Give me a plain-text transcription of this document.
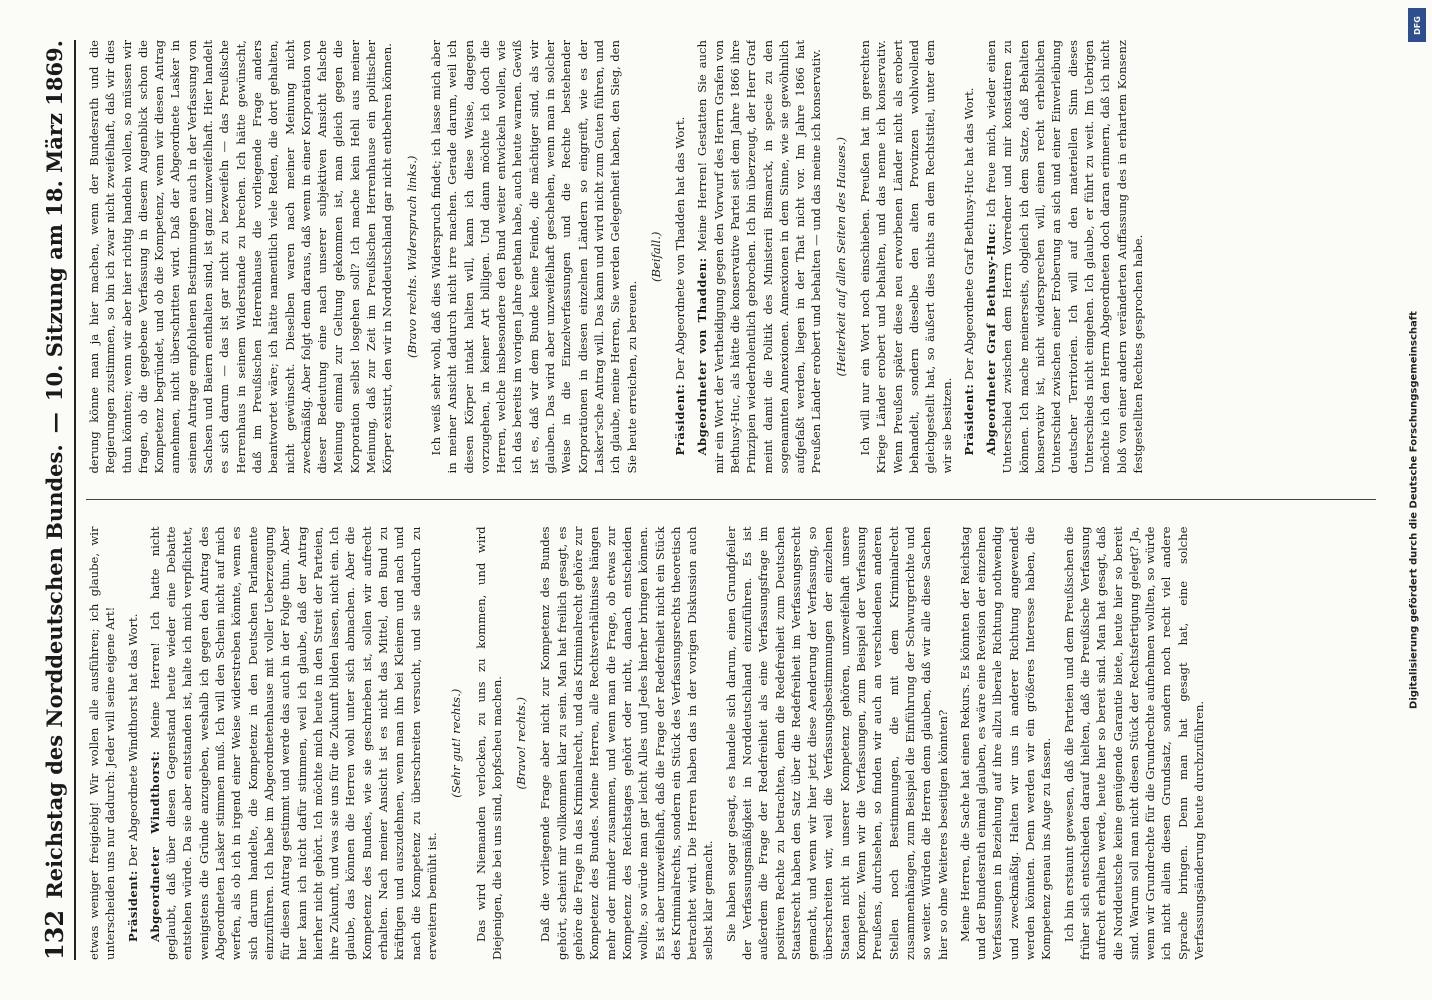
132
Reichstag des Norddeutschen Bundes.
—
10. Sitzung am 18. März 1869.

etwas weniger freigiebig! Wir wollen alle ausführen; ich glaube, wir unterscheiden uns nur dadurch: Jeder will seine eigene Art! Präsident: Der Abgeordnete Windthorst hat das Wort. Abgeordneter Windthorst: Meine Herren! Ich hatte nicht geglaubt, daß über diesen Gegenstand heute wieder eine Debatte entstehen würde. Da sie aber entstanden ist, halte ich mich verpflichtet, wenigstens die Gründe anzugeben, weshalb ich gegen den Antrag des Abgeordneten Lasker stimmen muß. Ich will den Schein nicht auf mich werfen, als ob ich in irgend einer Weise widerstreben könnte, wenn es sich darum handelte, die Kompetenz in den Deutschen Parlamente einzuführen. Ich habe im Abgeordnetenhause mit voller Ueberzeugung für diesen Antrag gestimmt und werde das auch in der Folge thun. Aber hier kann ich nicht dafür stimmen, weil ich glaube, daß der Antrag hierher nicht gehört. Ich möchte mich heute in den Streit der Parteien, ihre Zukunft, und was sie uns für die Zukunft bilden lassen, nicht ein. Ich glaube, das können die Herren wohl unter sich abmachen. Aber die Kompetenz des Bundes, wie sie geschrieben ist, sollen wir aufrecht erhalten. Nach meiner Ansicht ist es nicht das Mittel, den Bund zu kräftigen und auszudehnen, wenn man ihn bei Kleinem und nach und nach die Kompetenz zu überschreiten versucht, und sie dadurch zu erweitern bemüht ist.

(Sehr gut! rechts.) Das wird Niemanden verlocken, zu uns zu kommen, und wird Diejenigen, die bei uns sind, kopfscheu machen. (Bravo! rechts.) Daß die vorliegende Frage aber nicht zur Kompetenz des Bundes gehört, scheint mir vollkommen klar zu sein. Man hat freilich gesagt, es gehöre die Frage in das Kriminalrecht, und das Kriminalrecht gehöre zur Kompetenz des Bundes. Meine Herren, alle Rechtsverhältnisse hängen mehr oder minder zusammen, und wenn man die Frage, ob etwas zur Kompetenz des Reichstages gehört oder nicht, danach entscheiden wollte, so würde man gar leicht Alles und Jedes hierher bringen können. Es ist aber unzweifelhaft, daß die Frage der Redefreiheit nicht ein Stück des Kriminalrechts, sondern ein Stück des Verfassungsrechts theoretisch betrachtet wird. Die Herren haben das in der vorigen Diskussion auch selbst klar gemacht. Sie haben sogar gesagt, es handele sich darum, einen Grundpfeiler der Verfassungsmäßigkeit in Norddeutschland einzuführen. Es ist außerdem die Frage der Redefreiheit als eine Verfassungsfrage im positiven Rechte zu betrachten, denn die Redefreiheit zum Deutschen Staatsrecht haben den Satz über die Redefreiheit im Verfassungsrecht gemacht, und wenn wir hier jetzt diese Aenderung der Verfassung, so überschreiten wir, weil die Verfassungsbestimmungen der einzelnen Staaten nicht in unserer Kompetenz gehören, unzweifelhaft unsere Kompetenz. Wenn wir die Verfassungen, zum Beispiel der Verfassung Preußens, durchsehen, so finden wir auch an verschiedenen anderen Stellen noch Bestimmungen, die mit dem Kriminalrecht zusammenhängen, zum Beispiel die Einführung der Schwurgerichte und so weiter. Würden die Herren denn glauben, daß wir alle diese Sachen hier so ohne Weiteres beseitigen könnten? Meine Herren, die Sache hat einen Rekurs. Es könnten der Reichstag und der Bundesrath einmal glauben, es wäre eine Revision der einzelnen Verfassungen in Beziehung auf ihre allzu liberale Richtung nothwendig und zweckmäßig. Halten wir uns in anderer Richtung angewendet werden könnten. Denn werden wir ein größeres Interesse haben, die Kompetenz genau ins Auge zu fassen. Ich bin erstaunt gewesen, daß die Parteien und dem Preußischen die früher sich entschieden darauf hielten, daß die Preußische Verfassung aufrecht erhalten werde, heute hier so bereit sind. Man hat gesagt, daß die Norddeutsche keine genügende Garantie biete, heute hier so bereit sind. Warum soll man nicht diesen Stück der Rechtsfertigung gelegt? Ja, wenn wir Grundrechte für die Grundrechte aufnehmen wollten, so würde ich nicht allein diesen Grundsatz, sondern noch recht viel andere Sprache bringen. Denn man hat gesagt hat, eine solche Verfassungsänderung heute durchzuführen.

derung könne man ja hier machen, wenn der Bundesrath und die Regierungen zustimmen, so bin ich zwar nicht zweifelhaft, daß wir dies thun könnten; wenn wir aber hier richtig handeln wollen, so müssen wir fragen, ob die gegebene Verfassung in diesem Augenblick schon die Kompetenz begründet, und ob die Kompetenz, wenn wir diesen Antrag annehmen, nicht überschritten wird. Daß der Abgeordnete Lasker in seinem Antrage empfohlenen Bestimmungen auch in der Verfassung von Sachsen und Baiern enthalten sind, ist ganz unzweifelhaft. Hier handelt es sich darum — das ist gar nicht zu bezweifeln — das Preußische Herrenhaus in seinem Widerstande zu brechen. Ich hätte gewünscht, daß im Preußischen Herrenhause die vorliegende Frage anders beantwortet wäre; ich hätte namentlich viele Reden, die dort gehalten, nicht gewünscht. Dieselben waren nach meiner Meinung nicht zweckmäßig. Aber folgt denn daraus, daß wenn in einer Korporation von dieser Bedeutung eine nach unserer subjektiven Ansicht falsche Meinung einmal zur Geltung gekommen ist, man gleich gegen die Korporation selbst losgehen soll? Ich mache kein Hehl aus meiner Meinung, daß zur Zeit im Preußischen Herrenhause ein politischer Körper existirt, den wir in Norddeutschland gar nicht entbehren können. (Bravo rechts. Widerspruch links.) Ich weiß sehr wohl, daß dies Widerspruch findet; ich lasse mich aber in meiner Ansicht dadurch nicht irre machen. Gerade darum, weil ich diesen Körper intakt halten will, kann ich diese Weise, dagegen vorzugehen, in keiner Art billigen. Und dann möchte ich doch die Herren, welche insbesondere den Bund weiter entwickeln wollen, wie ich das bereits im vorigen Jahre gethan habe, auch heute warnen. Gewiß ist es, daß wir dem Bunde keine Feinde, die mächtiger sind, als wir glauben. Das wird aber unzweifelhaft geschehen, wenn man in solcher Weise in die Einzelverfassungen und die Rechte bestehender Korporationen in diesen einzelnen Ländern so eingreift, wie es der Lasker'sche Antrag will. Das kann und wird nicht zum Guten führen, und ich glaube, meine Herren, Sie werden Gelegenheit haben, den Sieg, den Sie heute erreichen, zu bereuen.

(Beifall.)

Präsident: Der Abgeordnete von Thadden hat das Wort. Abgeordneter von Thadden: Meine Herren! Gestatten Sie auch mir ein Wort der Vertheidigung gegen den Vorwurf des Herrn Grafen von Bethusy-Huc, als hätte die konservative Partei seit dem Jahre 1866 ihre Prinzipien wiederholentlich gebrochen. Ich bin überzeugt, der Herr Graf meint damit die Politik des Ministerii Bismarck, in specie zu den sogenannten Annexionen. Annexionen in dem Sinne, wie sie gewöhnlich aufgefaßt werden, liegen in der That nicht vor. Im Jahre 1866 hat Preußen Länder erobert und behalten — und das meine ich konservativ. (Heiterkeit auf allen Seiten des Hauses.) Ich will nur ein Wort noch einschieben. Preußen hat im gerechten Kriege Länder erobert und behalten, und das nenne ich konservativ. Wenn Preußen später diese neu erworbenen Länder nicht als erobert behandelt, sondern dieselbe den alten Provinzen wohlwollend gleichgestellt hat, so äußert dies nichts an dem Rechtstitel, unter dem wir sie besitzen. Präsident: Der Abgeordnete Graf Bethusy-Huc hat das Wort. Abgeordneter Graf Bethusy-Huc: Ich freue mich, wieder einen Unterschied zwischen dem Herrn Vorredner und mir konstatiren zu können. Ich mache meinerseits, obgleich ich dem Satze, daß Behalten konservativ ist, nicht widersprechen will, einen recht erheblichen Unterschied zwischen einer Eroberung an sich und einer Einverleibung deutscher Territorien. Ich will auf den materiellen Sinn dieses Unterschieds nicht eingehen. Ich glaube, er führt zu weit. Im Uebrigen möchte ich den Herrn Abgeordneten doch daran erinnern, daß ich nicht bloß von einer andern veränderten Auffassung des in erhartem Konsenz festgestellten Rechtes gesprochen habe.

DFG
Digitalisierung gefördert durch die Deutsche Forschungsgemeinschaft
